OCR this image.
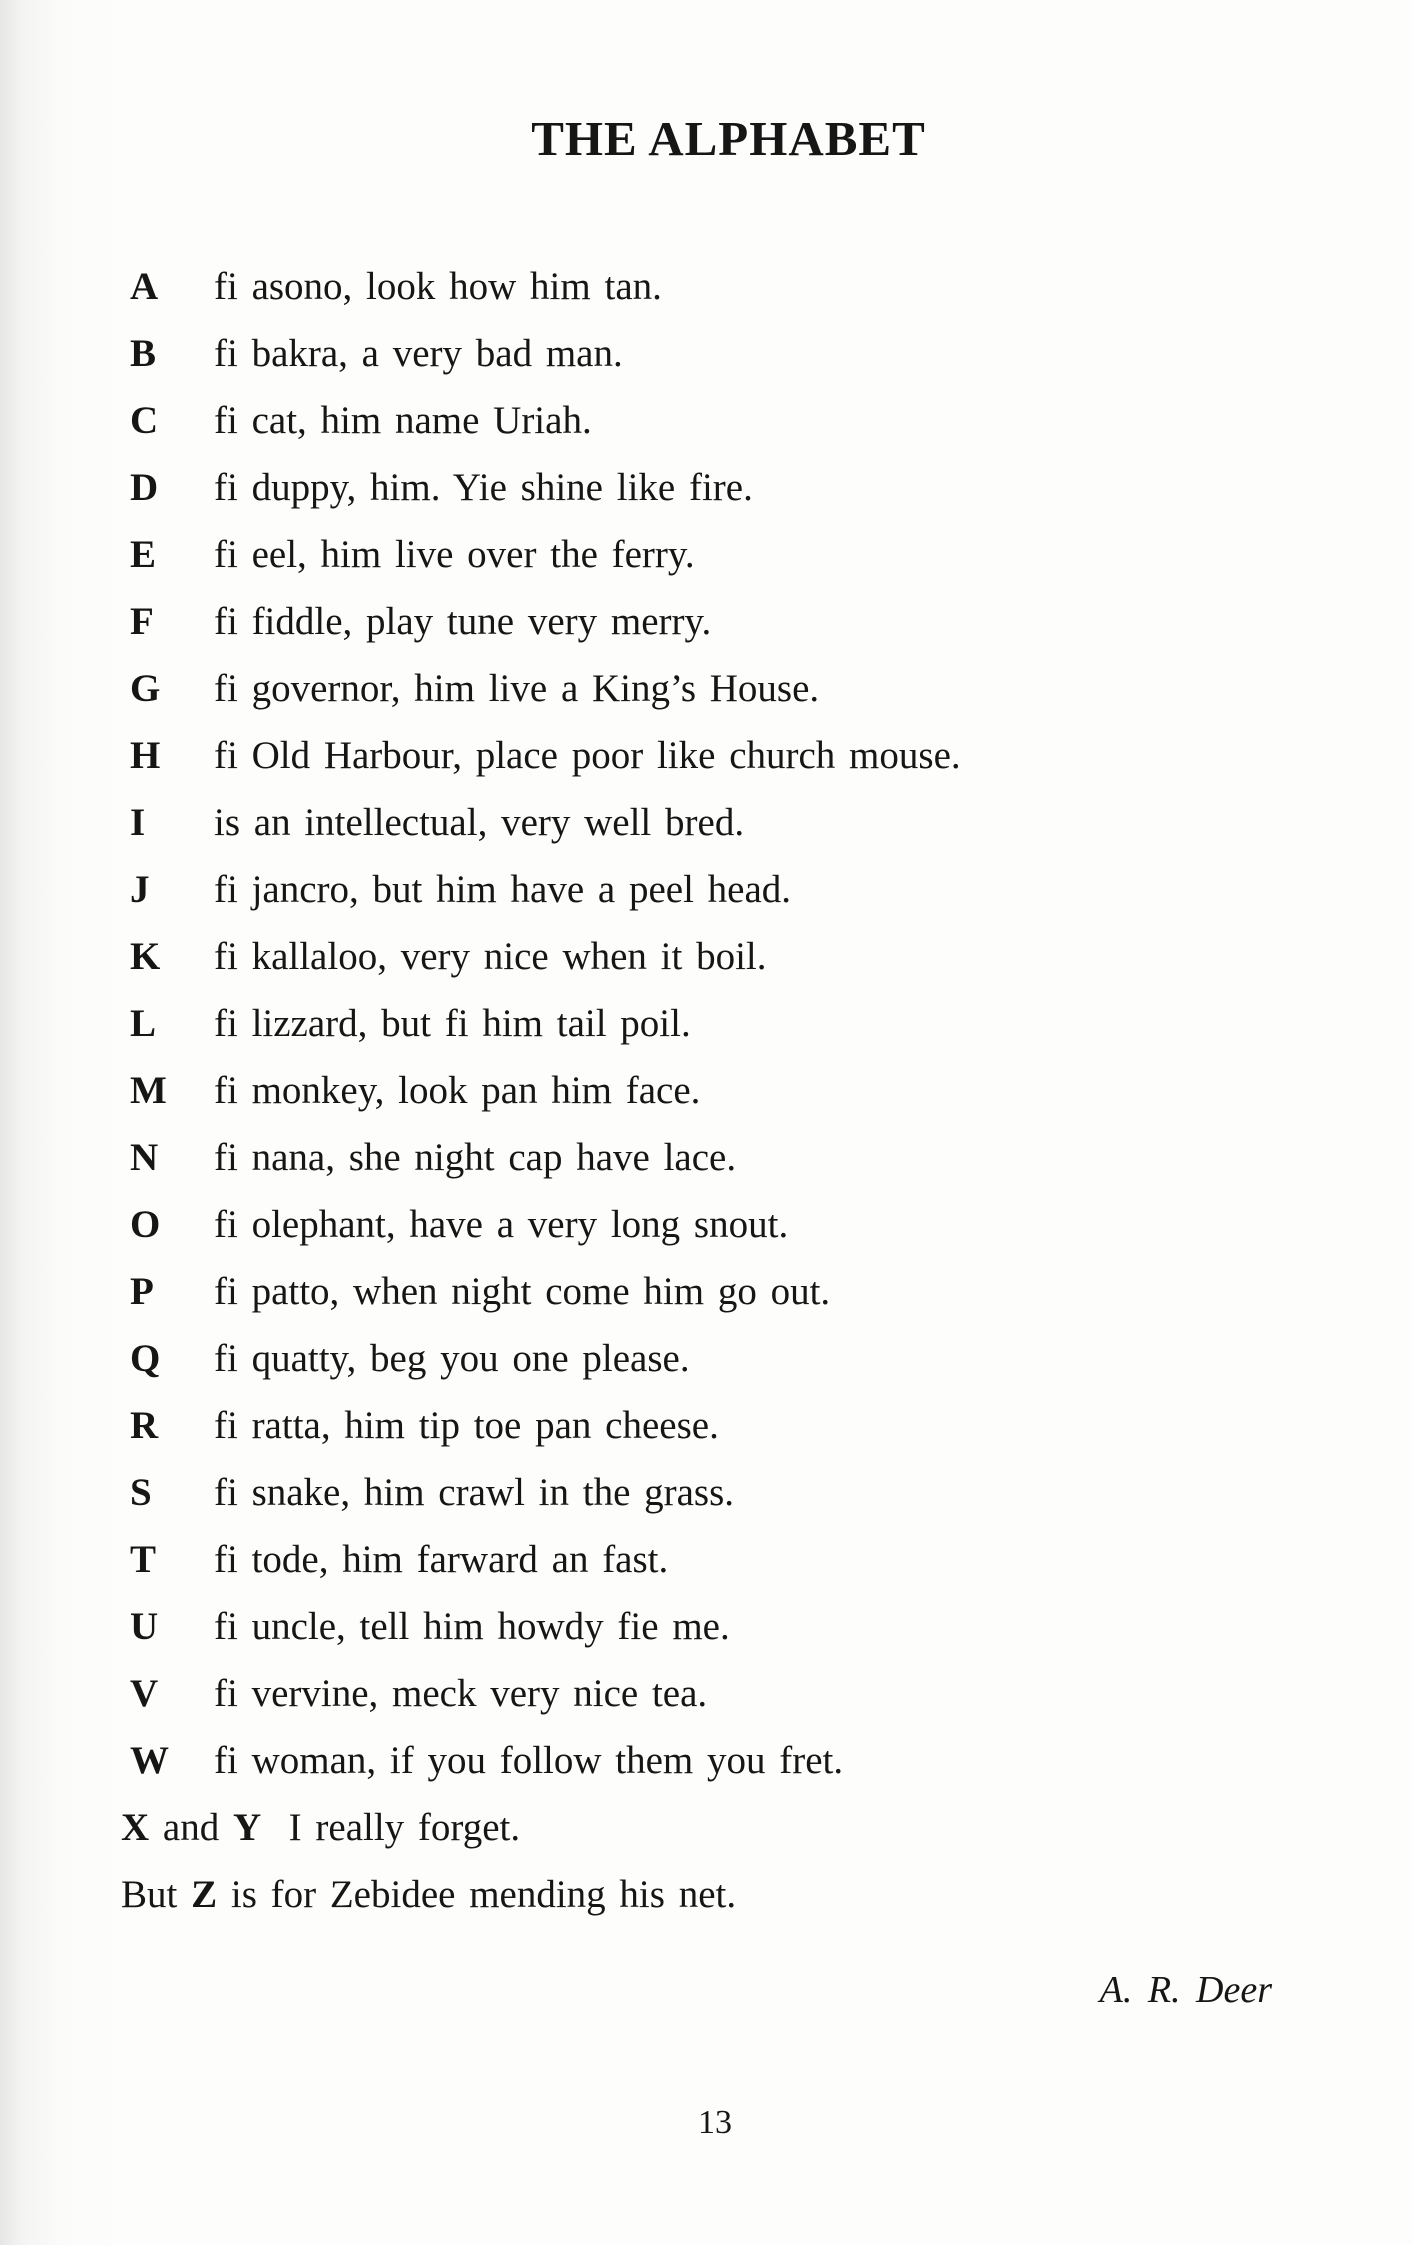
THE ALPHABET
A fi asono, look how him tan.
B fi bakra, a very bad man.
C fi cat, him name Uriah.
D fi duppy, him. Yie shine like fire.
E fi eel, him live over the ferry.
F fi fiddle, play tune very merry.
G fi governor, him live a King’s House.
H fi Old Harbour, place poor like church mouse.
I is an intellectual, very well bred.
J fi jancro, but him have a peel head.
K fi kallaloo, very nice when it boil.
L fi lizzard, but fi him tail poil.
M fi monkey, look pan him face.
N fi nana, she night cap have lace.
O fi olephant, have a very long snout.
P fi patto, when night come him go out.
Q fi quatty, beg you one please.
R fi ratta, him tip toe pan cheese.
S fi snake, him crawl in the grass.
T fi tode, him farward an fast.
U fi uncle, tell him howdy fie me.
V fi vervine, meck very nice tea.
W fi woman, if you follow them you fret.
X and Y  I really forget.
But Z is for Zebidee mending his net.
A. R. Deer
13
